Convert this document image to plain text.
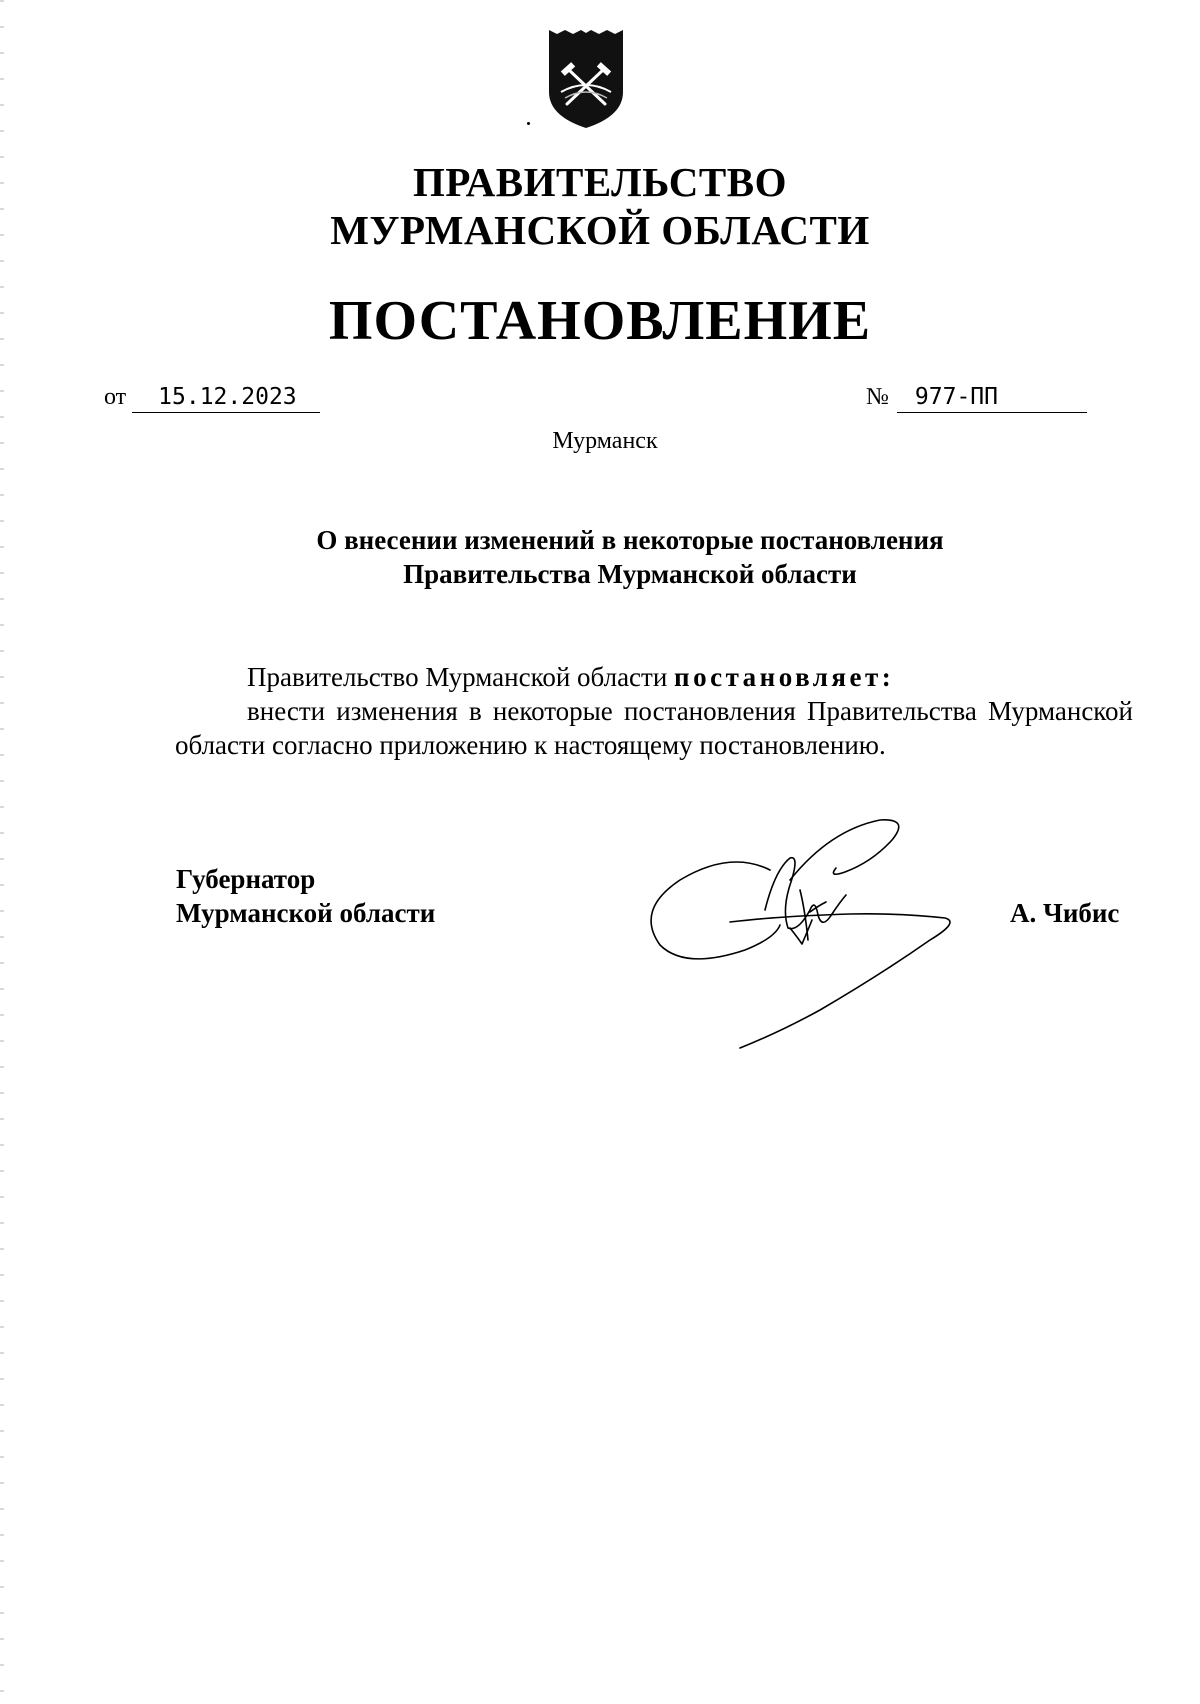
ПРАВИТЕЛЬСТВО
МУРМАНСКОЙ ОБЛАСТИ
ПОСТАНОВЛЕНИЕ
от	15.12.2023	№	977-ПП
Мурманск
О внесении изменений в некоторые постановления
Правительства Мурманской области
Правительство Мурманской области постановляет:
внести изменения в некоторые постановления Правительства Мурманской области согласно приложению к настоящему постановлению.
Губернатор
Мурманской области	А. Чибис
